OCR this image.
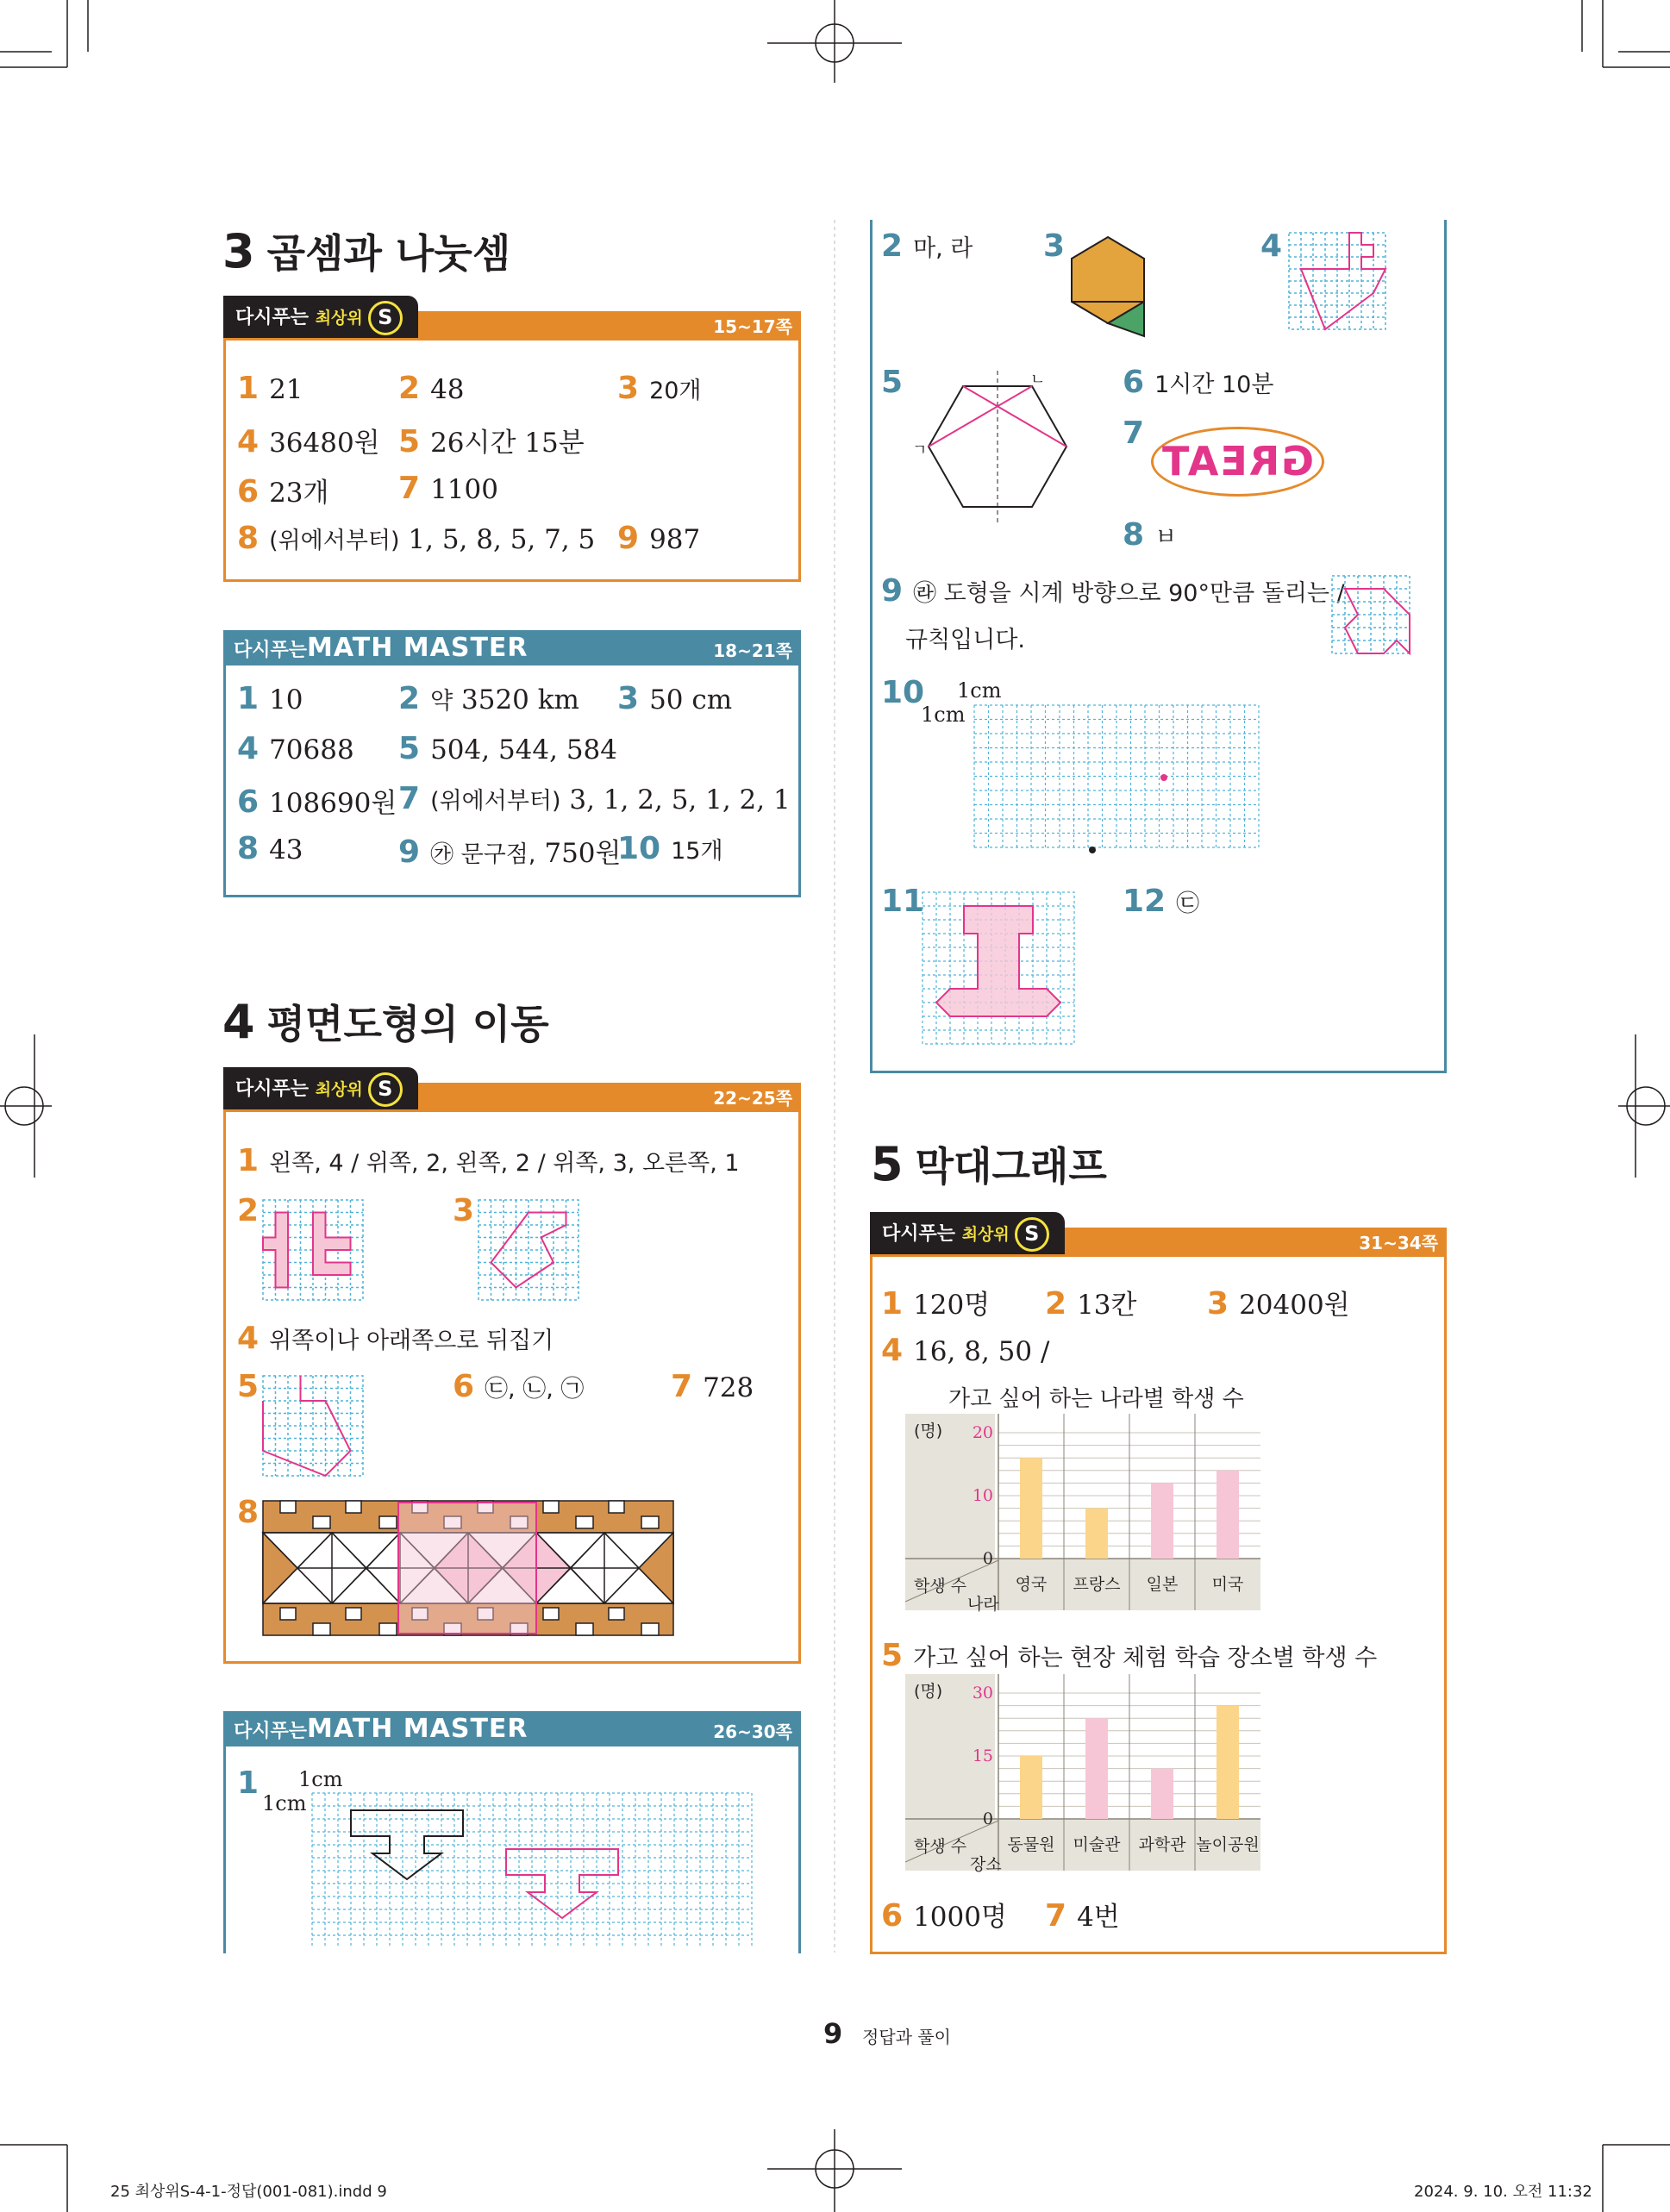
3 곱셈과 나눗셈
다시푸는 최상위 S	15~17쪽
1 21	2 48	3 20개
4 36480원 5 26시간 15분
6 23개 7 1100
8 (위에서부터) 1, 5, 8, 5, 7, 5 9 987
다시푸는MATH MASTER	18~21쪽
1 10	2 약 3520 km 3 50 cm
4 70688 5 504, 544, 584
6 108690원 7 (위에서부터) 3, 1, 2, 5, 1, 2, 1
8 43	9 ㉮ 문구점, 750원
10 15개
4 평면도형의 이동
다시푸는 최상위 S	22~25쪽
1 왼쪽, 4 / 위쪽, 2, 왼쪽, 2 / 위쪽, 3, 오른쪽, 1
2	3
4 위쪽이나 아래쪽으로 뒤집기
5	6 ㉢, ㉡, ㉠	7 728
8
다시푸는MATH MASTER	26~30쪽
1 1cm
1cm
2 마, 라 3	4
5	ㄴ
ㄱ
6 1시간 10분
7
GREAT
8 ㅂ
9 ㉱ 도형을 시계 방향으로 90°만큼 돌리는 /
규칙입니다.
10 1cm
1cm
11	12 ㉢
5 막대그래프
다시푸는 최상위 S	31~34쪽
1 120명 2 13칸 3 20400원
4 16, 8, 50 /
가고 싶어 하는 나라별 학생 수
0
10
20
영국 프랑스 일본 미국
(명)
학생 수
나라
5 가고 싶어 하는 현장 체험 학습 장소별 학생 수
0
15
30
동물원 미술관 과학관 놀이공원
(명)
학생 수
장소
6 1000명 7 4번
9 정답과 풀이
25 최상위S-4-1-정답(001-081).indd 9	2024. 9. 10. 오전 11:32
